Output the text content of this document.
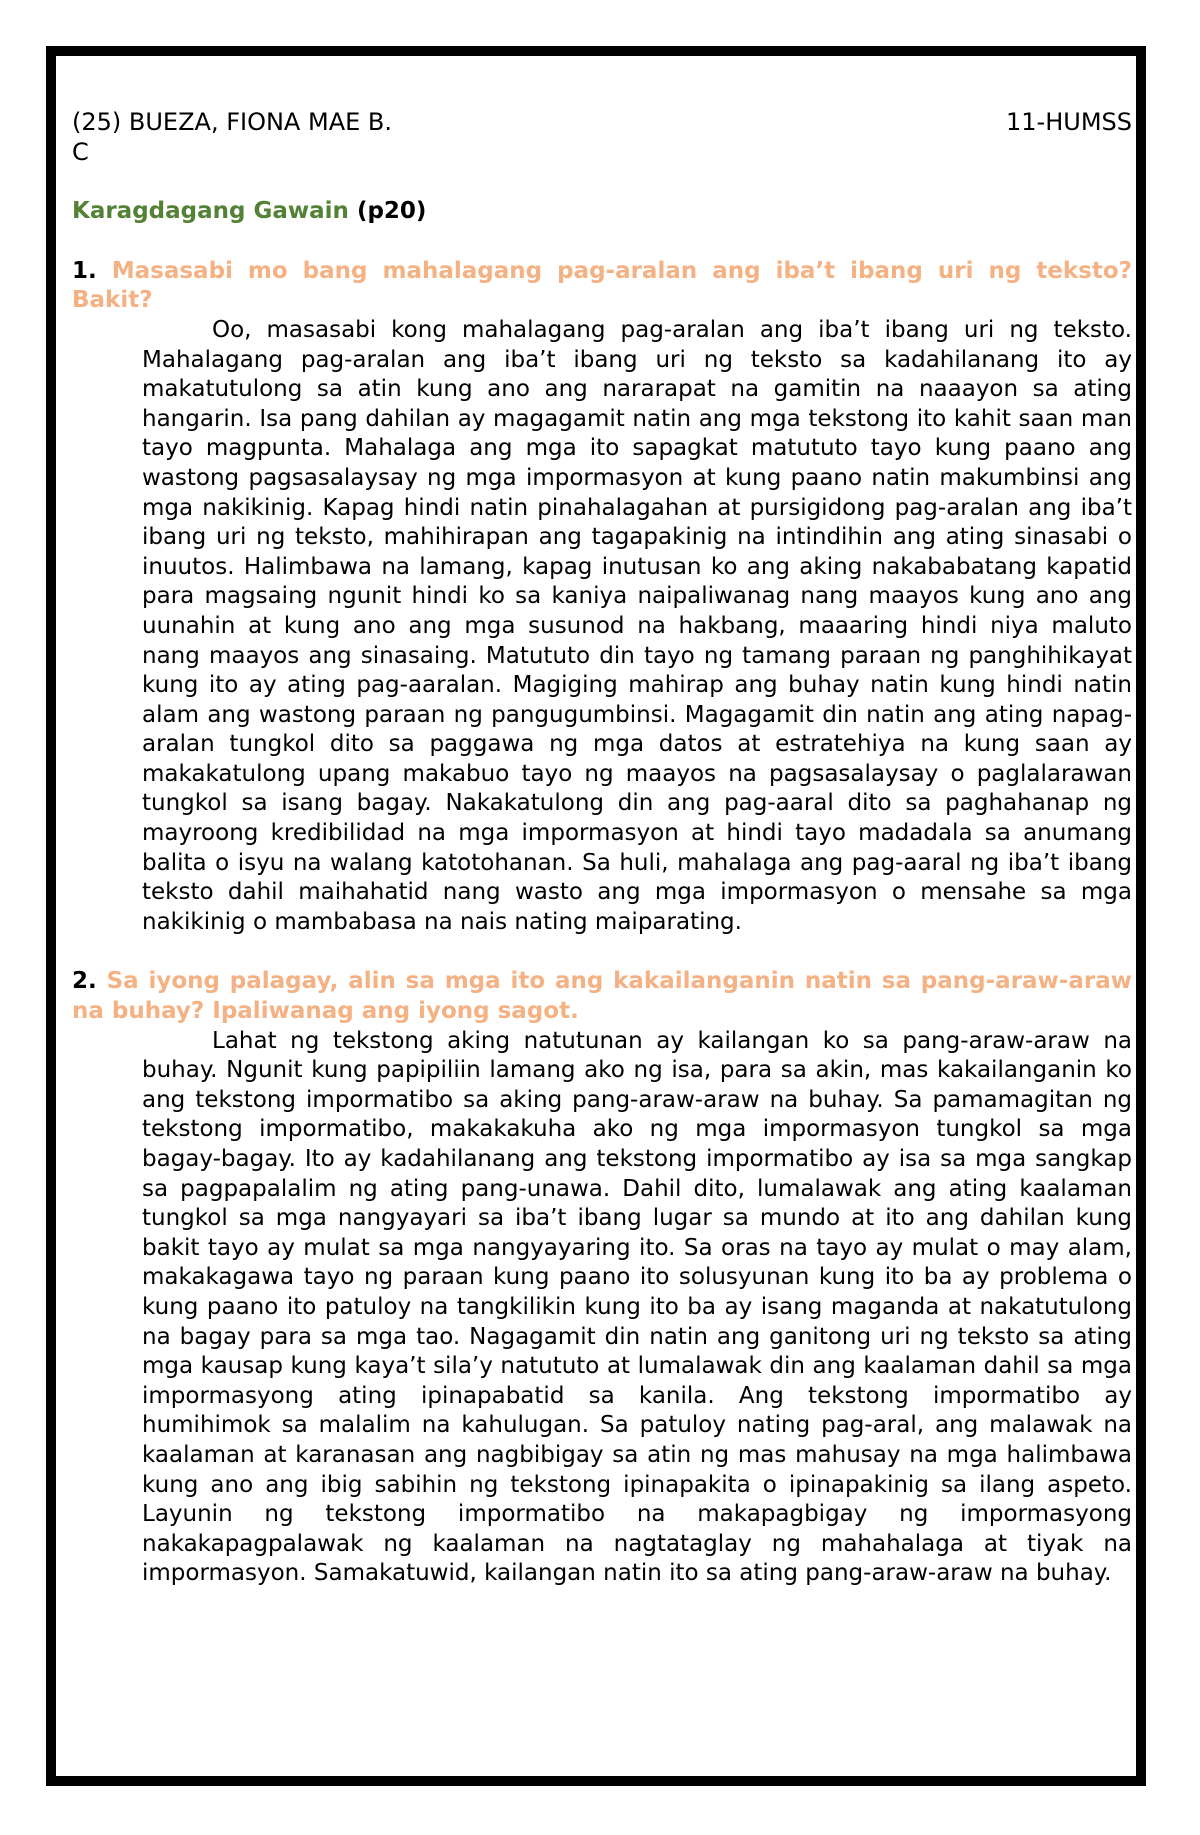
(25) BUEZA, FIONA MAE B.	11-HUMSS
C
Karagdagang Gawain (p20)
1. Masasabi mo bang mahalagang pag-aralan ang iba’t ibang uri ng teksto? Bakit?
Oo, masasabi kong mahalagang pag-aralan ang iba’t ibang uri ng teksto. Mahalagang pag-aralan ang iba’t ibang uri ng teksto sa kadahilanang ito ay makatutulong sa atin kung ano ang nararapat na gamitin na naaayon sa ating hangarin. Isa pang dahilan ay magagamit natin ang mga tekstong ito kahit saan man tayo magpunta. Mahalaga ang mga ito sapagkat matututo tayo kung paano ang wastong pagsasalaysay ng mga impormasyon at kung paano natin makumbinsi ang mga nakikinig. Kapag hindi natin pinahalagahan at pursigidong pag-aralan ang iba’t ibang uri ng teksto, mahihirapan ang tagapakinig na intindihin ang ating sinasabi o inuutos. Halimbawa na lamang, kapag inutusan ko ang aking nakababatang kapatid para magsaing ngunit hindi ko sa kaniya naipaliwanag nang maayos kung ano ang uunahin at kung ano ang mga susunod na hakbang, maaaring hindi niya maluto nang maayos ang sinasaing. Matututo din tayo ng tamang paraan ng panghihikayat kung ito ay ating pag-aaralan. Magiging mahirap ang buhay natin kung hindi natin alam ang wastong paraan ng pangugumbinsi. Magagamit din natin ang ating napag-aralan tungkol dito sa paggawa ng mga datos at estratehiya na kung saan ay makakatulong upang makabuo tayo ng maayos na pagsasalaysay o paglalarawan tungkol sa isang bagay. Nakakatulong din ang pag-aaral dito sa paghahanap ng mayroong kredibilidad na mga impormasyon at hindi tayo madadala sa anumang balita o isyu na walang katotohanan. Sa huli, mahalaga ang pag-aaral ng iba’t ibang teksto dahil maihahatid nang wasto ang mga impormasyon o mensahe sa mga nakikinig o mambabasa na nais nating maiparating.
2. Sa iyong palagay, alin sa mga ito ang kakailanganin natin sa pang-araw-araw na buhay? Ipaliwanag ang iyong sagot.
Lahat ng tekstong aking natutunan ay kailangan ko sa pang-araw-araw na buhay. Ngunit kung papipiliin lamang ako ng isa, para sa akin, mas kakailanganin ko ang tekstong impormatibo sa aking pang-araw-araw na buhay. Sa pamamagitan ng tekstong impormatibo, makakakuha ako ng mga impormasyon tungkol sa mga bagay-bagay. Ito ay kadahilanang ang tekstong impormatibo ay isa sa mga sangkap sa pagpapalalim ng ating pang-unawa. Dahil dito, lumalawak ang ating kaalaman tungkol sa mga nangyayari sa iba’t ibang lugar sa mundo at ito ang dahilan kung bakit tayo ay mulat sa mga nangyayaring ito. Sa oras na tayo ay mulat o may alam, makakagawa tayo ng paraan kung paano ito solusyunan kung ito ba ay problema o kung paano ito patuloy na tangkilikin kung ito ba ay isang maganda at nakatutulong na bagay para sa mga tao. Nagagamit din natin ang ganitong uri ng teksto sa ating mga kausap kung kaya’t sila’y natututo at lumalawak din ang kaalaman dahil sa mga impormasyong ating ipinapabatid sa kanila. Ang tekstong impormatibo ay humihimok sa malalim na kahulugan. Sa patuloy nating pag-aral, ang malawak na kaalaman at karanasan ang nagbibigay sa atin ng mas mahusay na mga halimbawa kung ano ang ibig sabihin ng tekstong ipinapakita o ipinapakinig sa ilang aspeto. Layunin ng tekstong impormatibo na makapagbigay ng impormasyong nakakapagpalawak ng kaalaman na nagtataglay ng mahahalaga at tiyak na impormasyon. Samakatuwid, kailangan natin ito sa ating pang-araw-araw na buhay.
